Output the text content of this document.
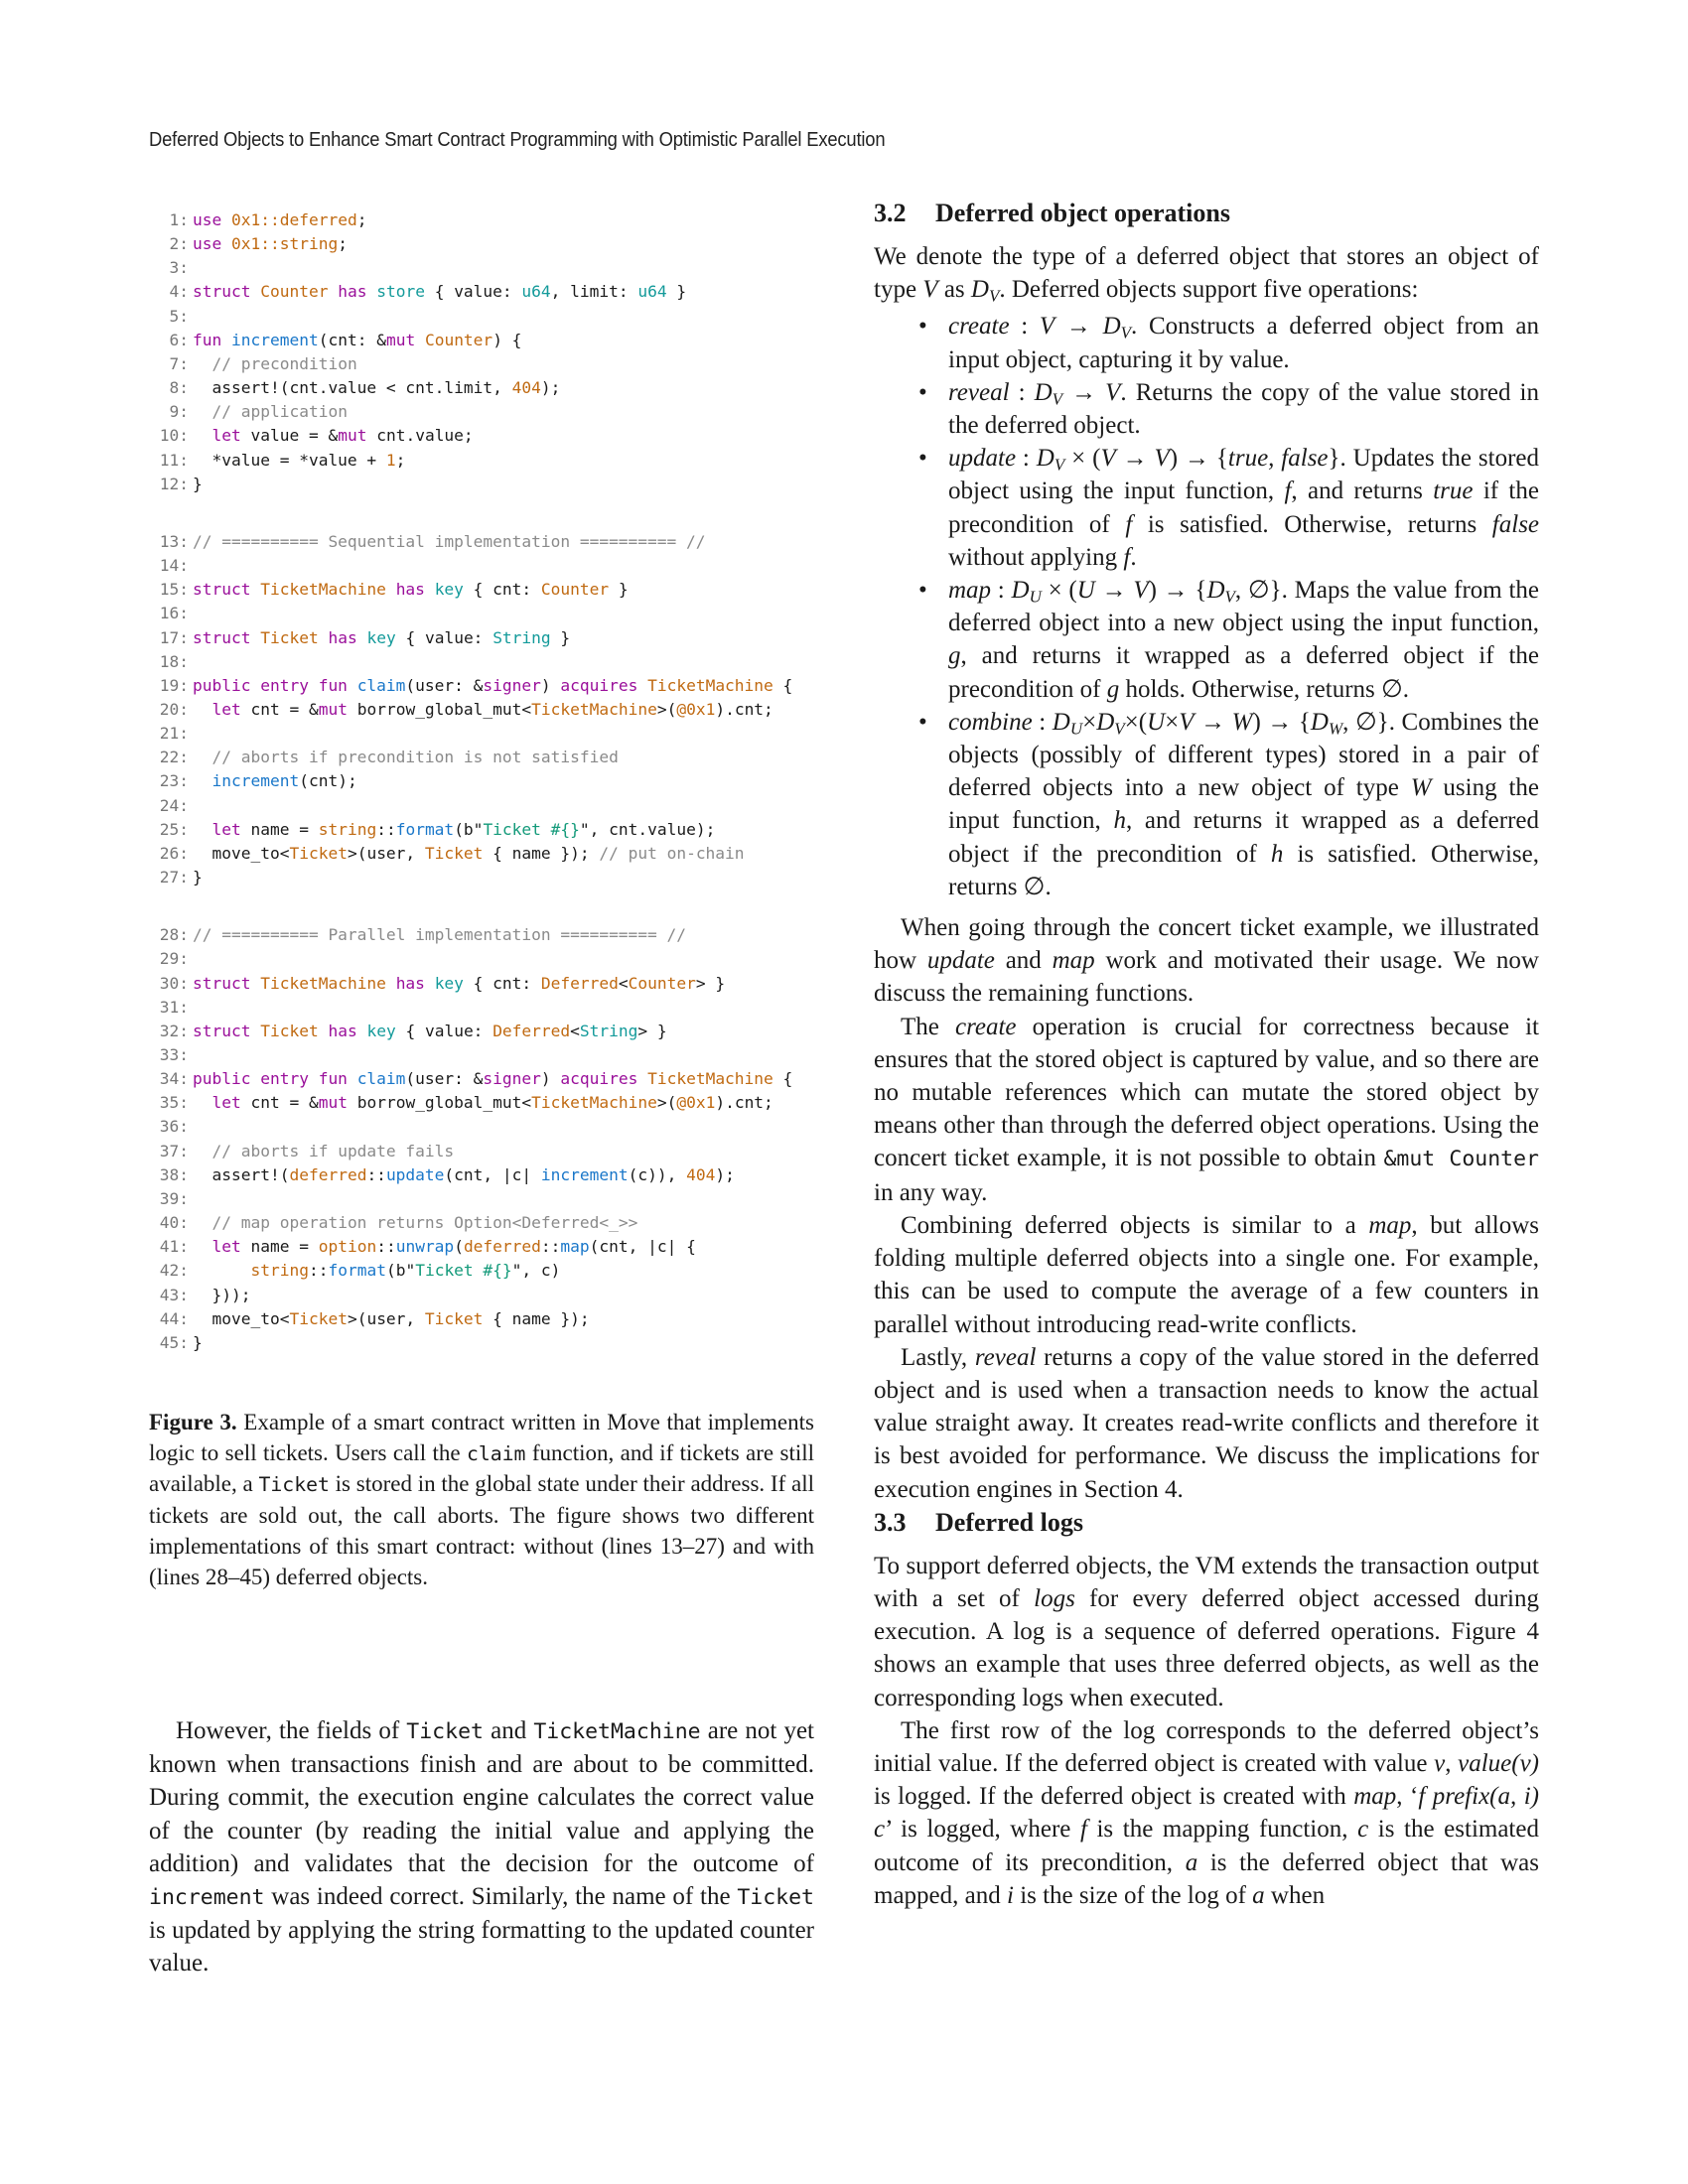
Deferred Objects to Enhance Smart Contract Programming with Optimistic Parallel Execution
1: use 0x1::deferred;
2: use 0x1::string;
3:
4: struct Counter has store { value: u64, limit: u64 }
5:
6: fun increment(cnt: &mut Counter) {
7: // precondition
8:  assert!(cnt.value < cnt.limit, 404);
9: // application
10: let value = &mut cnt.value;
11:  *value = *value + 1;
12: }
13: // ========== Sequential implementation ========== //
14:
15: struct TicketMachine has key { cnt: Counter }
16:
17: struct Ticket has key { value: String }
18:
19: public entry fun claim(user: &signer) acquires TicketMachine {
20: let cnt = &mut borrow_global_mut<TicketMachine>(@0x1).cnt;
21:
22: // aborts if precondition is not satisfied
23: increment(cnt);
24:
25: let name = string::format(b"Ticket #{}", cnt.value);
26:  move_to<Ticket>(user, Ticket { name }); // put on-chain
27: }
28: // ========== Parallel implementation ========== //
29:
30: struct TicketMachine has key { cnt: Deferred<Counter> }
31:
32: struct Ticket has key { value: Deferred<String> }
33:
34: public entry fun claim(user: &signer) acquires TicketMachine {
35: let cnt = &mut borrow_global_mut<TicketMachine>(@0x1).cnt;
36:
37: // aborts if update fails
38:  assert!(deferred::update(cnt, |c| increment(c)), 404);
39:
40: // map operation returns Option<Deferred<_>>
41: let name = option::unwrap(deferred::map(cnt, |c| {
42:	string::format(b"Ticket #{}", c)
43:  }));
44:  move_to<Ticket>(user, Ticket { name });
45: }
Figure 3. Example of a smart contract written in Move that implements logic to sell tickets. Users call the claim function, and if tickets are still available, a Ticket is stored in the global state under their address. If all tickets are sold out, the call aborts. The figure shows two different implementations of this smart contract: without (lines 13–27) and with (lines 28–45) deferred objects.

However, the fields of Ticket and TicketMachine are not yet known when transactions finish and are about to be committed. During commit, the execution engine calculates the correct value of the counter (by reading the initial value and applying the addition) and validates that the decision for the outcome of increment was indeed correct. Similarly, the name of the Ticket is updated by applying the string formatting to the updated counter value.

3.2 Deferred object operations

We denote the type of a deferred object that stores an object of type V as $D_V$. Deferred objects support five operations:

• create : $V \to D_V$. Constructs a deferred object from an input object, capturing it by value.
• reveal : $D_V \to V$. Returns the copy of the value stored in the deferred object.
• update : $D_V \times (V \to V)$ → {true, false}. Updates the stored object using the input function, f, and returns true if the precondition of f is satisfied. Otherwise, returns false without applying f.
• map : $D_U \times (U \to V) \to \{D_V$, ∅}. Maps the value from the deferred object into a new object using the input function, g, and returns it wrapped as a deferred object if the precondition of g holds. Otherwise, returns ∅.
• combine : $D_U\times D_V\times(U\times V \to W) \to \{D_W$, ∅}. Combines the objects (possibly of different types) stored in a pair of deferred objects into a new object of type W using the input function, h, and returns it wrapped as a deferred object if the precondition of h is satisfied. Otherwise, returns ∅.

When going through the concert ticket example, we illustrated how update and map work and motivated their usage. We now discuss the remaining functions.

The create operation is crucial for correctness because it ensures that the stored object is captured by value, and so there are no mutable references which can mutate the stored object by means other than through the deferred object operations. Using the concert ticket example, it is not possible to obtain &mut Counter in any way.

Combining deferred objects is similar to a map, but allows folding multiple deferred objects into a single one. For example, this can be used to compute the average of a few counters in parallel without introducing read-write conflicts.

Lastly, reveal returns a copy of the value stored in the deferred object and is used when a transaction needs to know the actual value straight away. It creates read-write conflicts and therefore it is best avoided for performance. We discuss the implications for execution engines in Section 4.

3.3 Deferred logs

To support deferred objects, the VM extends the transaction output with a set of logs for every deferred object accessed during execution. A log is a sequence of deferred operations. Figure 4 shows an example that uses three deferred objects, as well as the corresponding logs when executed.

The first row of the log corresponds to the deferred object’s initial value. If the deferred object is created with value v, value(v) is logged. If the deferred object is created with map, ‘f prefix(a, i) c’ is logged, where f is the mapping function, c is the estimated outcome of its precondition, a is the deferred object that was mapped, and i is the size of the log of a when
